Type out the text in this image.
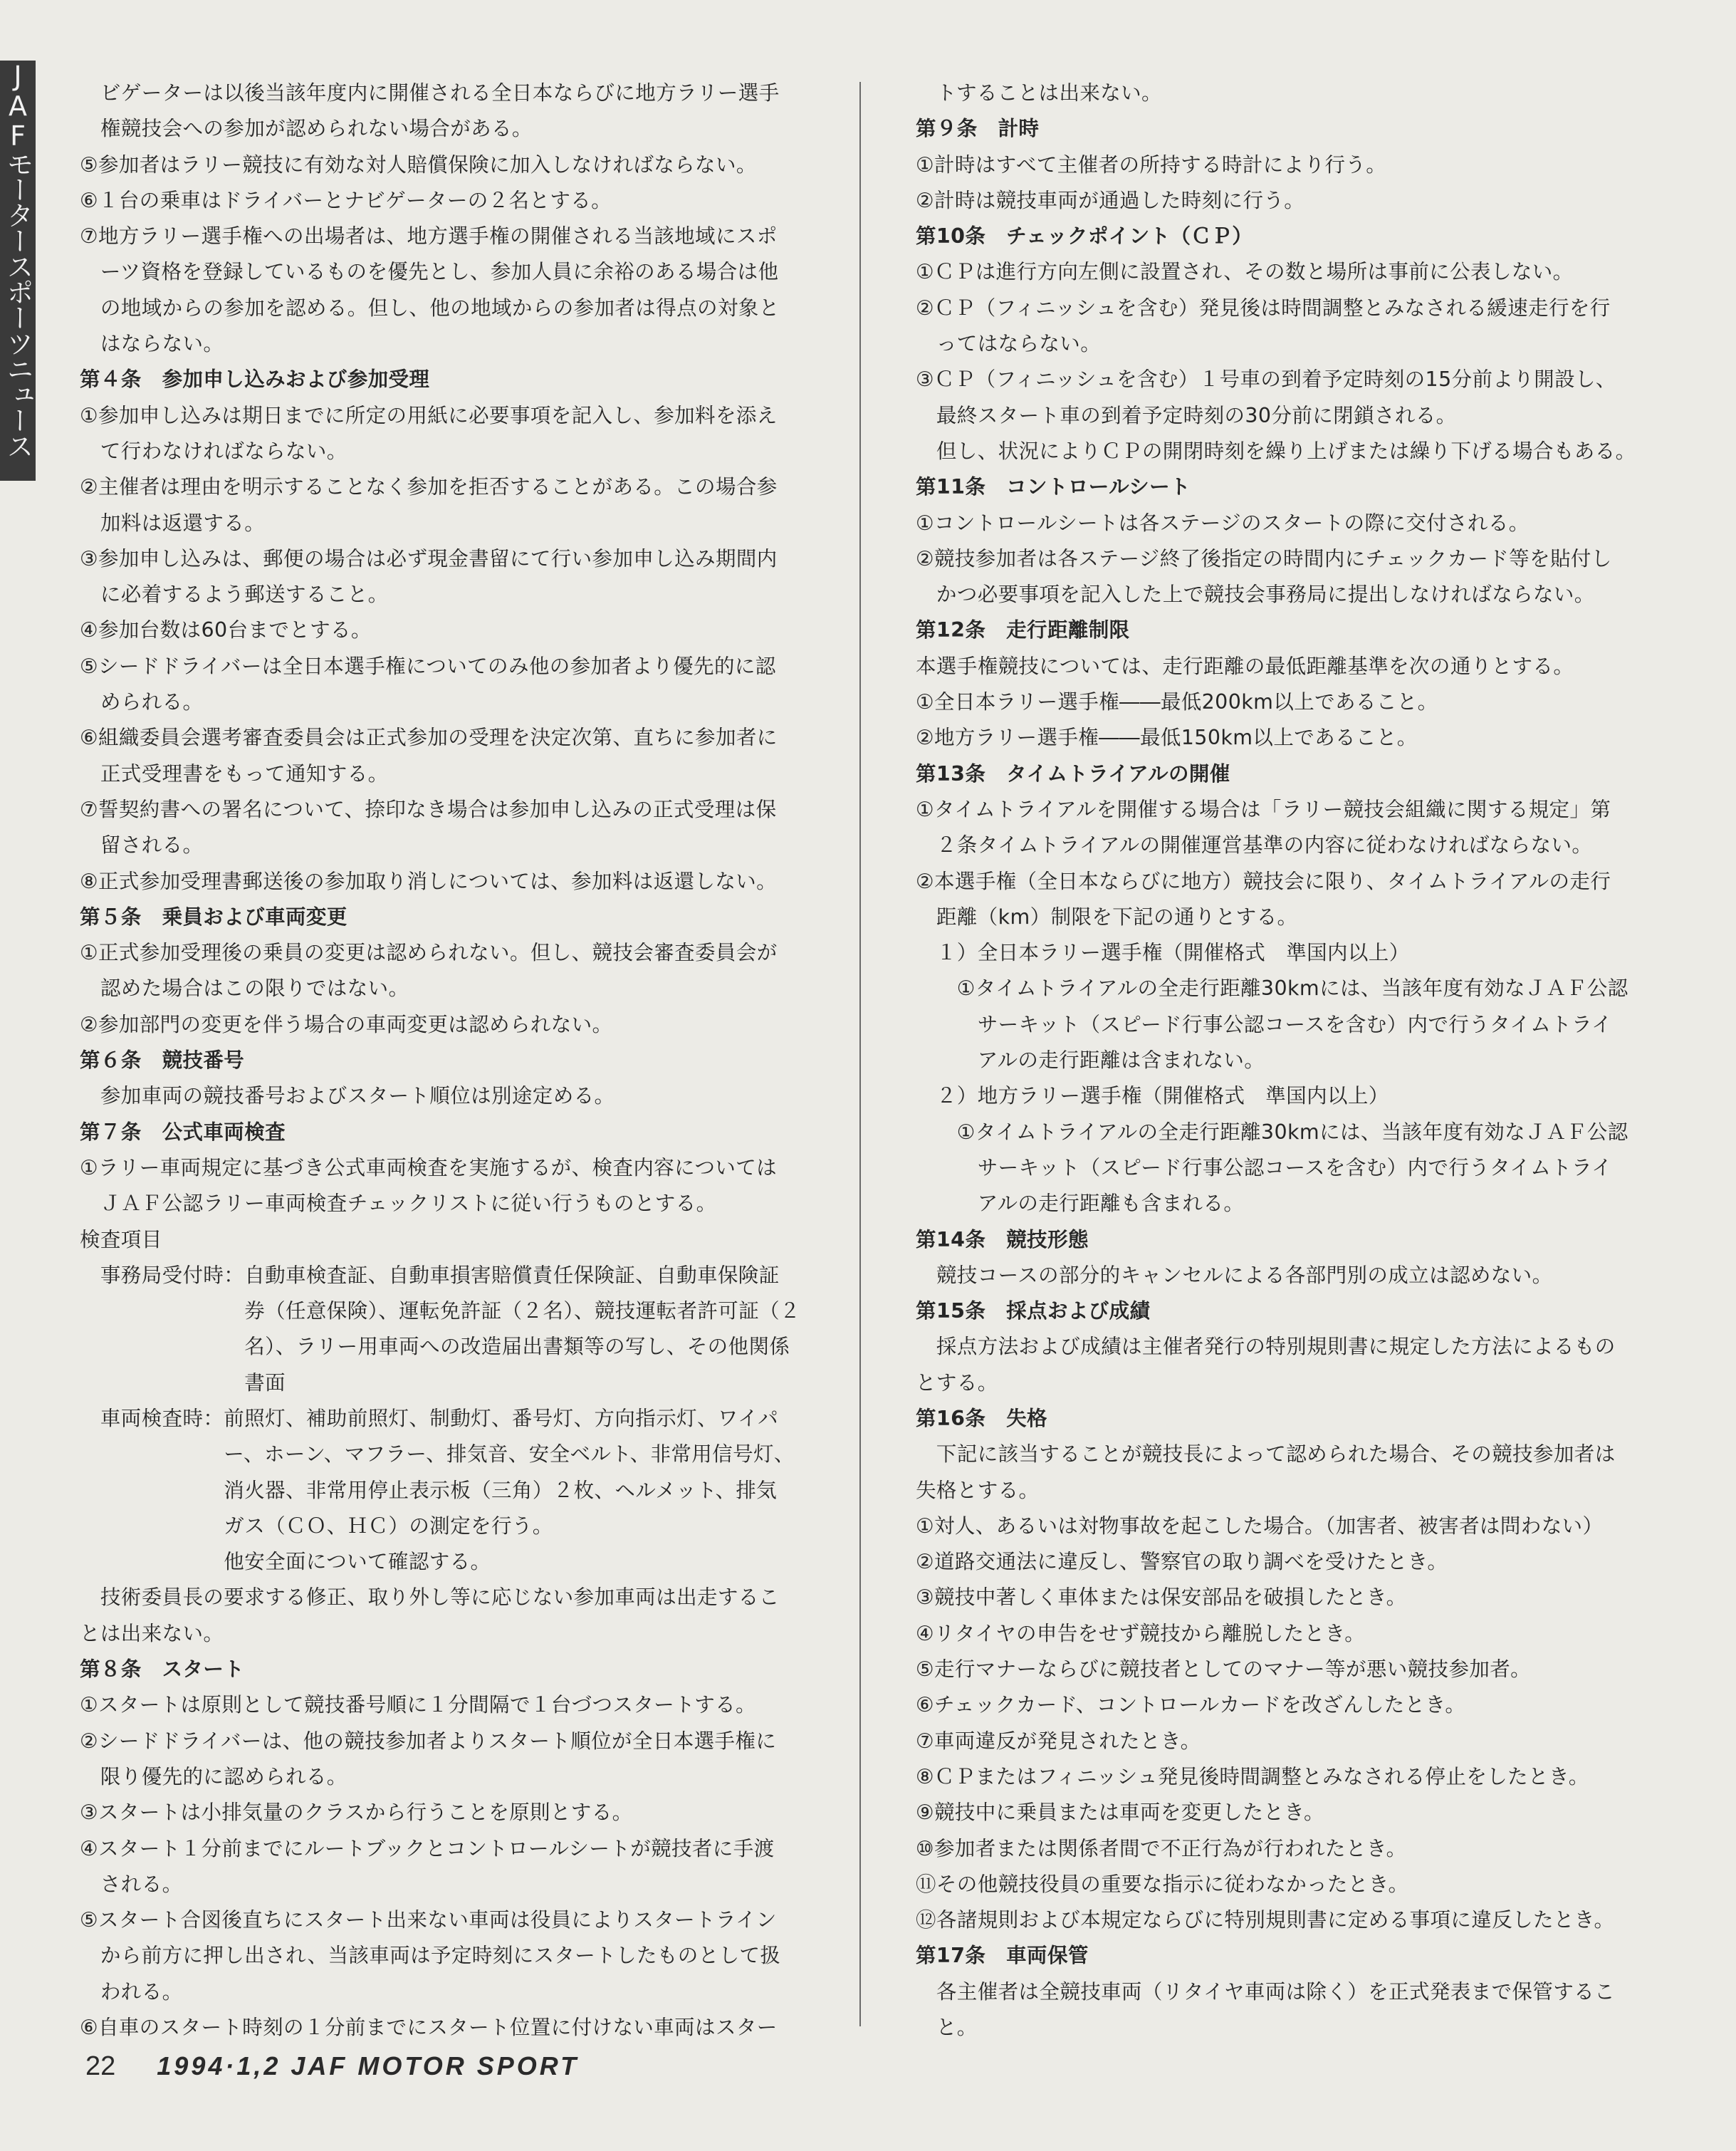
JAFモータースポーツニュース 　ビゲーターは以後当該年度内に開催される全日本ならびに地方ラリー選手
　権競技会への参加が認められない場合がある。
⑤参加者はラリー競技に有効な対人賠償保険に加入しなければならない。
⑥１台の乗車はドライバーとナビゲーターの２名とする。
⑦地方ラリー選手権への出場者は、地方選手権の開催される当該地域にスポ
　ーツ資格を登録しているものを優先とし、参加人員に余裕のある場合は他
　の地域からの参加を認める。但し、他の地域からの参加者は得点の対象と
　はならない。
第４条　参加申し込みおよび参加受理
①参加申し込みは期日までに所定の用紙に必要事項を記入し、参加料を添え
　て行わなければならない。
②主催者は理由を明示することなく参加を拒否することがある。この場合参
　加料は返還する。
③参加申し込みは、郵便の場合は必ず現金書留にて行い参加申し込み期間内
　に必着するよう郵送すること。
④参加台数は60台までとする。
⑤シードドライバーは全日本選手権についてのみ他の参加者より優先的に認
　められる。
⑥組織委員会選考審査委員会は正式参加の受理を決定次第、直ちに参加者に
　正式受理書をもって通知する。
⑦誓契約書への署名について、捺印なき場合は参加申し込みの正式受理は保
　留される。
⑧正式参加受理書郵送後の参加取り消しについては、参加料は返還しない。
第５条　乗員および車両変更
①正式参加受理後の乗員の変更は認められない。但し、競技会審査委員会が
　認めた場合はこの限りではない。
②参加部門の変更を伴う場合の車両変更は認められない。
第６条　競技番号
　参加車両の競技番号およびスタート順位は別途定める。
第７条　公式車両検査
①ラリー車両規定に基づき公式車両検査を実施するが、検査内容については
　ＪＡＦ公認ラリー車両検査チェックリストに従い行うものとする。
検査項目
　事務局受付時：自動車検査証、自動車損害賠償責任保険証、自動車保険証
　　　　　　　　券（任意保険）、運転免許証（２名）、競技運転者許可証（２
　　　　　　　　名）、ラリー用車両への改造届出書類等の写し、その他関係
　　　　　　　　書面
　車両検査時：前照灯、補助前照灯、制動灯、番号灯、方向指示灯、ワイパ
　　　　　　　ー、ホーン、マフラー、排気音、安全ベルト、非常用信号灯、
　　　　　　　消火器、非常用停止表示板（三角）２枚、ヘルメット、排気
　　　　　　　ガス（ＣＯ、ＨＣ）の測定を行う。
　　　　　　　他安全面について確認する。
　技術委員長の要求する修正、取り外し等に応じない参加車両は出走するこ
とは出来ない。
第８条　スタート
①スタートは原則として競技番号順に１分間隔で１台づつスタートする。
②シードドライバーは、他の競技参加者よりスタート順位が全日本選手権に
　限り優先的に認められる。
③スタートは小排気量のクラスから行うことを原則とする。
④スタート１分前までにルートブックとコントロールシートが競技者に手渡
　される。
⑤スタート合図後直ちにスタート出来ない車両は役員によりスタートライン
　から前方に押し出され、当該車両は予定時刻にスタートしたものとして扱
　われる。
⑥自車のスタート時刻の１分前までにスタート位置に付けない車両はスター
　トすることは出来ない。
第９条　計時
①計時はすべて主催者の所持する時計により行う。
②計時は競技車両が通過した時刻に行う。
第10条　チェックポイント（ＣＰ）
①ＣＰは進行方向左側に設置され、その数と場所は事前に公表しない。
②ＣＰ（フィニッシュを含む）発見後は時間調整とみなされる緩速走行を行
　ってはならない。
③ＣＰ（フィニッシュを含む）１号車の到着予定時刻の15分前より開設し、
　最終スタート車の到着予定時刻の30分前に閉鎖される。
　但し、状況によりＣＰの開閉時刻を繰り上げまたは繰り下げる場合もある。
第11条　コントロールシート
①コントロールシートは各ステージのスタートの際に交付される。
②競技参加者は各ステージ終了後指定の時間内にチェックカード等を貼付し
　かつ必要事項を記入した上で競技会事務局に提出しなければならない。
第12条　走行距離制限
本選手権競技については、走行距離の最低距離基準を次の通りとする。
①全日本ラリー選手権――最低200km以上であること。
②地方ラリー選手権――最低150km以上であること。
第13条　タイムトライアルの開催
①タイムトライアルを開催する場合は「ラリー競技会組織に関する規定」第
　２条タイムトライアルの開催運営基準の内容に従わなければならない。
②本選手権（全日本ならびに地方）競技会に限り、タイムトライアルの走行
　距離（km）制限を下記の通りとする。
　１）全日本ラリー選手権（開催格式　準国内以上）
　　①タイムトライアルの全走行距離30kmには、当該年度有効なＪＡＦ公認
　　　サーキット（スピード行事公認コースを含む）内で行うタイムトライ
　　　アルの走行距離は含まれない。
　２）地方ラリー選手権（開催格式　準国内以上）
　　①タイムトライアルの全走行距離30kmには、当該年度有効なＪＡＦ公認
　　　サーキット（スピード行事公認コースを含む）内で行うタイムトライ
　　　アルの走行距離も含まれる。
第14条　競技形態
　競技コースの部分的キャンセルによる各部門別の成立は認めない。
第15条　採点および成績
　採点方法および成績は主催者発行の特別規則書に規定した方法によるもの
とする。
第16条　失格
　下記に該当することが競技長によって認められた場合、その競技参加者は
失格とする。
①対人、あるいは対物事故を起こした場合。（加害者、被害者は問わない）
②道路交通法に違反し、警察官の取り調べを受けたとき。
③競技中著しく車体または保安部品を破損したとき。
④リタイヤの申告をせず競技から離脱したとき。
⑤走行マナーならびに競技者としてのマナー等が悪い競技参加者。
⑥チェックカード、コントロールカードを改ざんしたとき。
⑦車両違反が発見されたとき。
⑧ＣＰまたはフィニッシュ発見後時間調整とみなされる停止をしたとき。
⑨競技中に乗員または車両を変更したとき。
⑩参加者または関係者間で不正行為が行われたとき。
⑪その他競技役員の重要な指示に従わなかったとき。
⑫各諸規則および本規定ならびに特別規則書に定める事項に違反したとき。
第17条　車両保管
　各主催者は全競技車両（リタイヤ車両は除く）を正式発表まで保管するこ
　と。
22 1994·1,2 JAF MOTOR SPORT
